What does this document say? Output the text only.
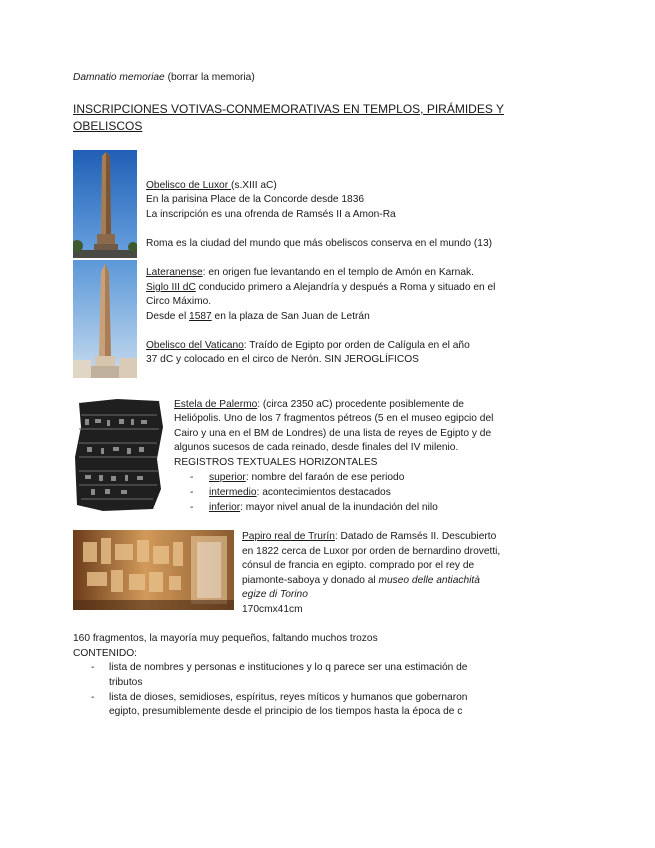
Damnatio memoriae (borrar la memoria)
INSCRIPCIONES VOTIVAS-CONMEMORATIVAS EN TEMPLOS, PIRÁMIDES Y
OBELISCOS
Obelisco de Luxor (s.XIII aC)
En la parisina Place de la Concorde desde 1836
La inscripción es una ofrenda de Ramsés II a Amon-Ra
Roma es la ciudad del mundo que más obeliscos conserva en el mundo (13)
Lateranense: en origen fue levantando en el templo de Amón en Karnak.
Siglo III dC conducido primero a Alejandría y después a Roma y situado en el
Circo Máximo.
Desde el 1587 en la plaza de San Juan de Letrán
Obelisco del Vaticano: Traído de Egipto por orden de Calígula en el año
37 dC y colocado en el circo de Nerón. SIN JEROGLÍFICOS
Estela de Palermo: (circa 2350 aC) procedente posiblemente de
Heliópolis. Uno de los 7 fragmentos pétreos (5 en el museo egipcio del
Cairo y una en el BM de Londres) de una lista de reyes de Egipto y de
algunos sucesos de cada reinado, desde finales del IV milenio.
REGISTROS TEXTUALES HORIZONTALES
- superior: nombre del faraón de ese periodo
- intermedio: acontecimientos destacados
- inferior: mayor nivel anual de la inundación del nilo
Papiro real de Trurín: Datado de Ramsés II. Descubierto
en 1822 cerca de Luxor por orden de bernardino drovetti,
cónsul de francia en egipto. comprado por el rey de
piamonte-saboya y donado al museo delle antiachità
egize di Torino
170cmx41cm
160 fragmentos, la mayoría muy pequeños, faltando muchos trozos
CONTENIDO:
- lista de nombres y personas e instituciones y lo q parece ser una estimación de
tributos
- lista de dioses, semidioses, espíritus, reyes míticos y humanos que gobernaron
egipto, presumiblemente desde el principio de los tiempos hasta la época de c
